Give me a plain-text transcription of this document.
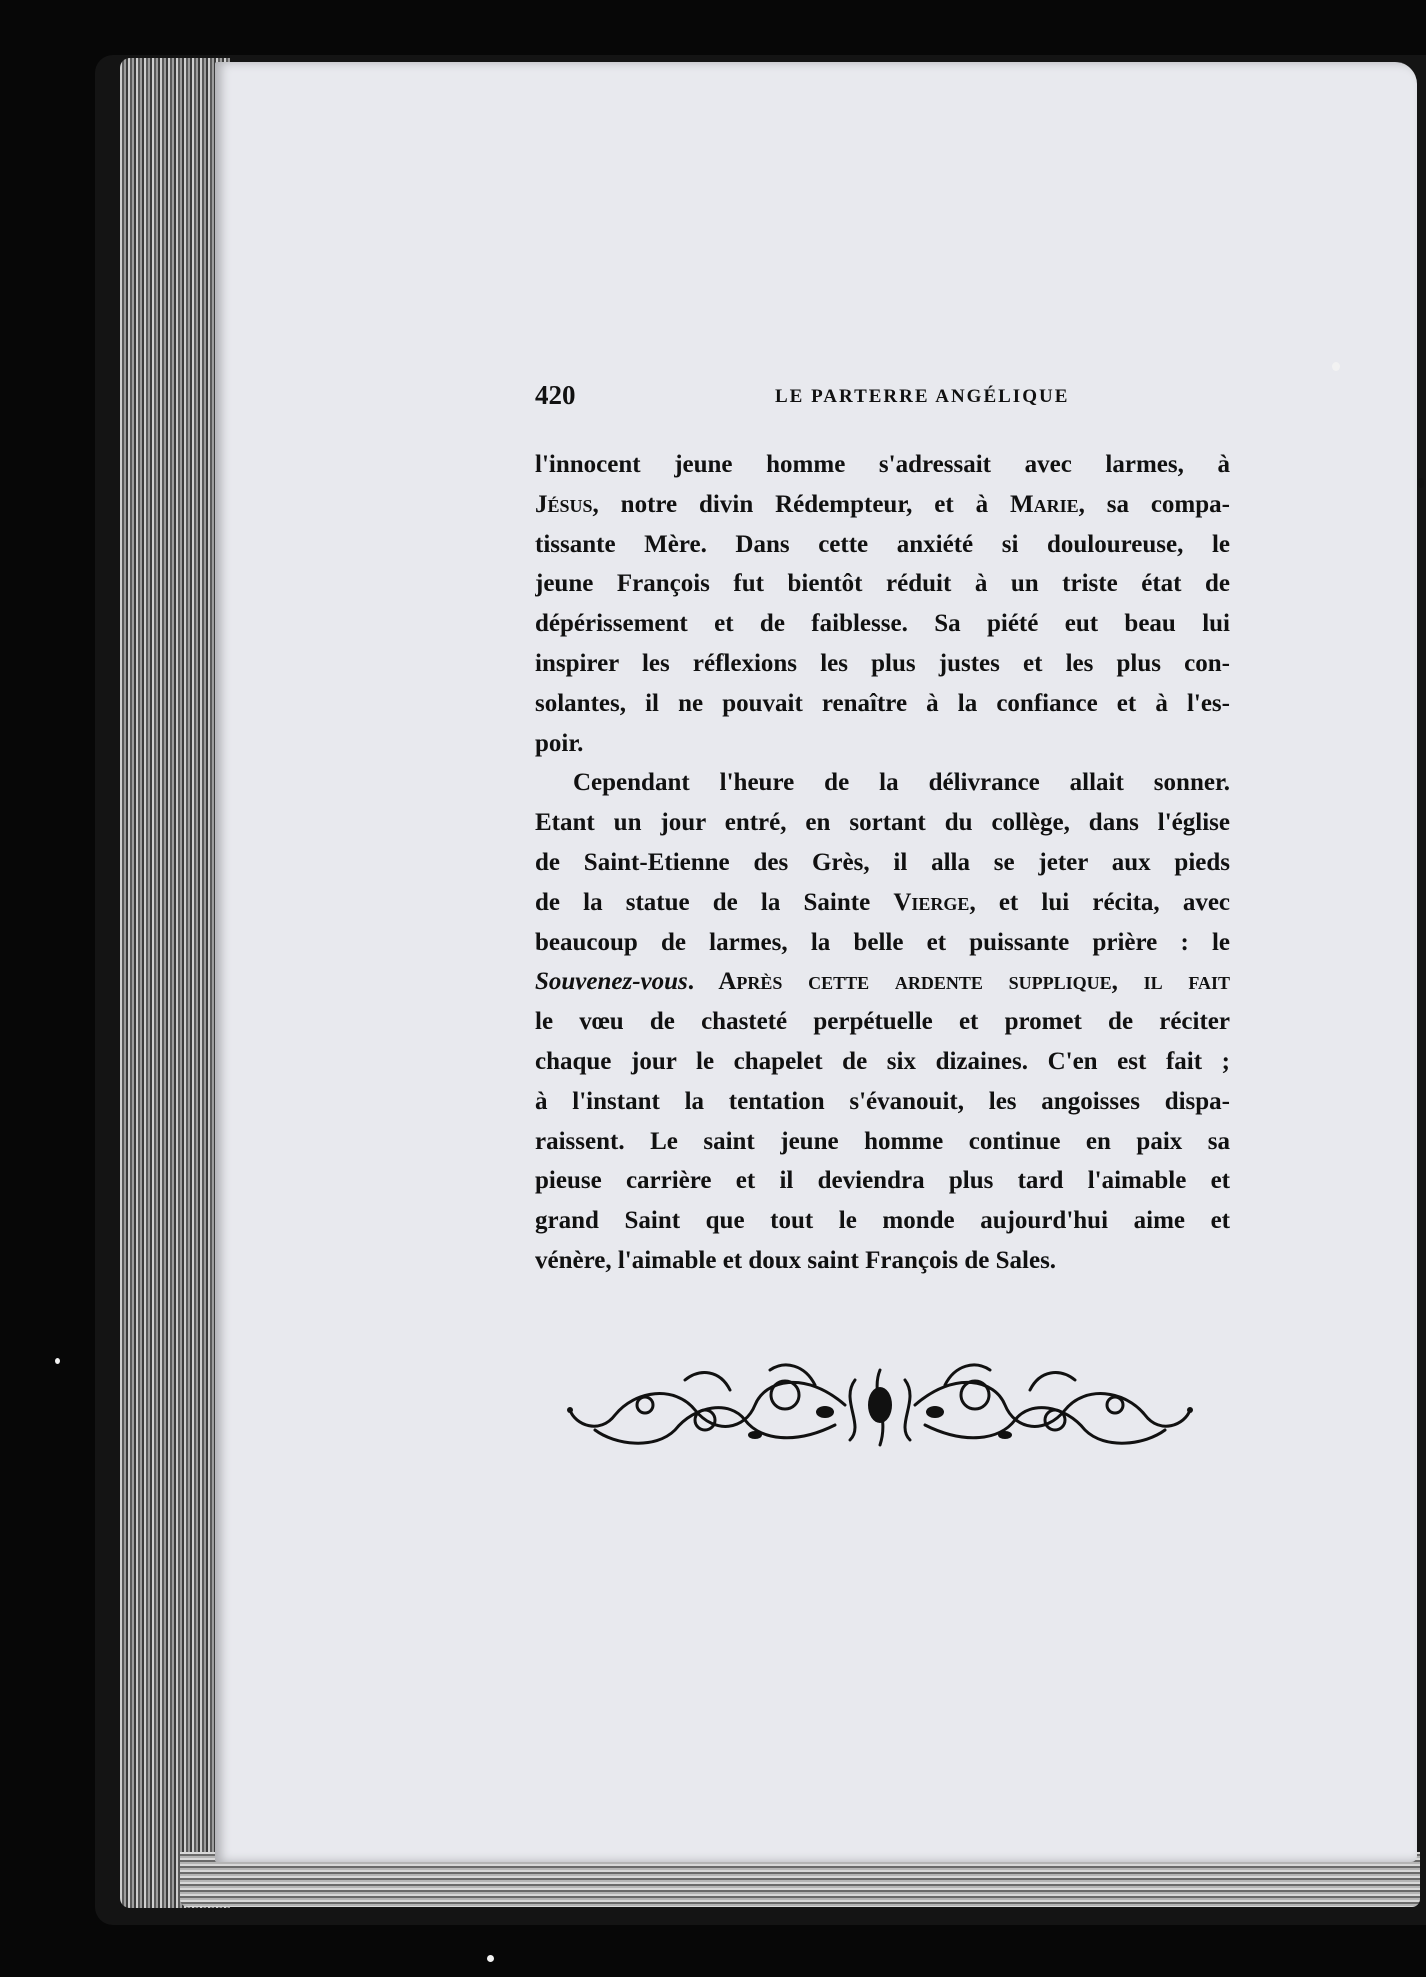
420	LE PARTERRE ANGÉLIQUE
l'innocent jeune homme s'adressait avec larmes, à
Jésus, notre divin Rédempteur, et à Marie, sa compa-
tissante Mère. Dans cette anxiété si douloureuse, le
jeune François fut bientôt réduit à un triste état de
dépérissement et de faiblesse. Sa piété eut beau lui
inspirer les réflexions les plus justes et les plus con-
solantes, il ne pouvait renaître à la confiance et à l'es-
poir.
Cependant l'heure de la délivrance allait sonner.
Etant un jour entré, en sortant du collège, dans l'église
de Saint-Etienne des Grès, il alla se jeter aux pieds
de la statue de la Sainte Vierge, et lui récita, avec
beaucoup de larmes, la belle et puissante prière : le
Souvenez-vous. Après cette ardente supplique, il fait
le vœu de chasteté perpétuelle et promet de réciter
chaque jour le chapelet de six dizaines. C'en est fait ;
à l'instant la tentation s'évanouit, les angoisses dispa-
raissent. Le saint jeune homme continue en paix sa
pieuse carrière et il deviendra plus tard l'aimable et
grand Saint que tout le monde aujourd'hui aime et
vénère, l'aimable et doux saint François de Sales.
